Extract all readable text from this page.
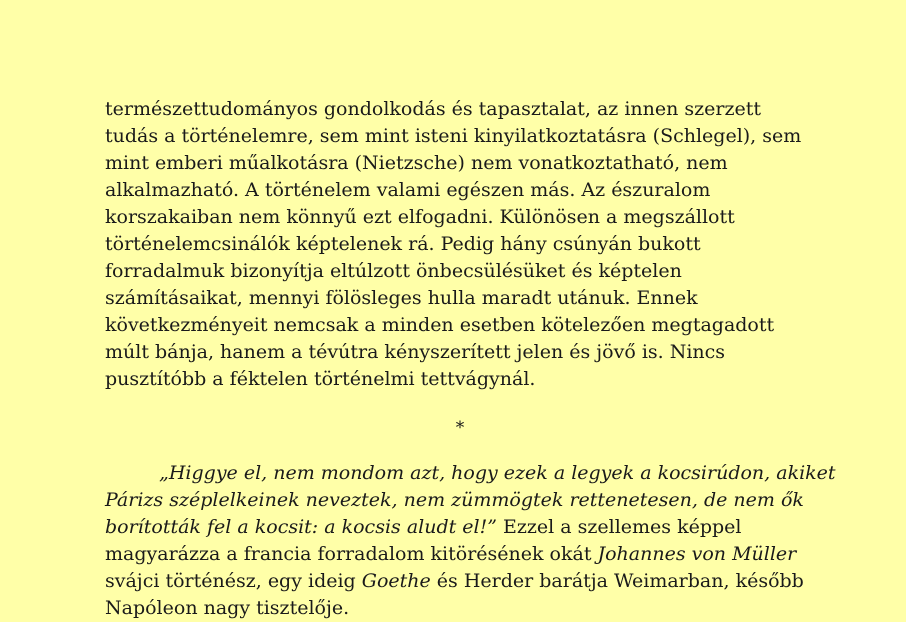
természettudományos gondolkodás és tapasztalat, az innen szerzett
tudás a történelemre, sem mint isteni kinyilatkoztatásra (Schlegel), sem
mint emberi műalkotásra (Nietzsche) nem vonatkoztatható, nem
alkalmazható. A történelem valami egészen más. Az észuralom
korszakaiban nem könnyű ezt elfogadni. Különösen a megszállott
történelemcsinálók képtelenek rá. Pedig hány csúnyán bukott
forradalmuk bizonyítja eltúlzott önbecsülésüket és képtelen
számításaikat, mennyi fölösleges hulla maradt utánuk. Ennek
következményeit nemcsak a minden esetben kötelezően megtagadott
múlt bánja, hanem a tévútra kényszerített jelen és jövő is. Nincs
pusztítóbb a féktelen történelmi tettvágynál.

*

„Higgye el, nem mondom azt, hogy ezek a legyek a kocsirúdon, akiket
Párizs széplelkeinek neveztek, nem zümmögtek rettenetesen, de nem ők
borították fel a kocsit: a kocsis aludt el!” Ezzel a szellemes képpel
magyarázza a francia forradalom kitörésének okát Johannes von Müller
svájci történész, egy ideig Goethe és Herder barátja Weimarban, később
Napóleon nagy tisztelője.
